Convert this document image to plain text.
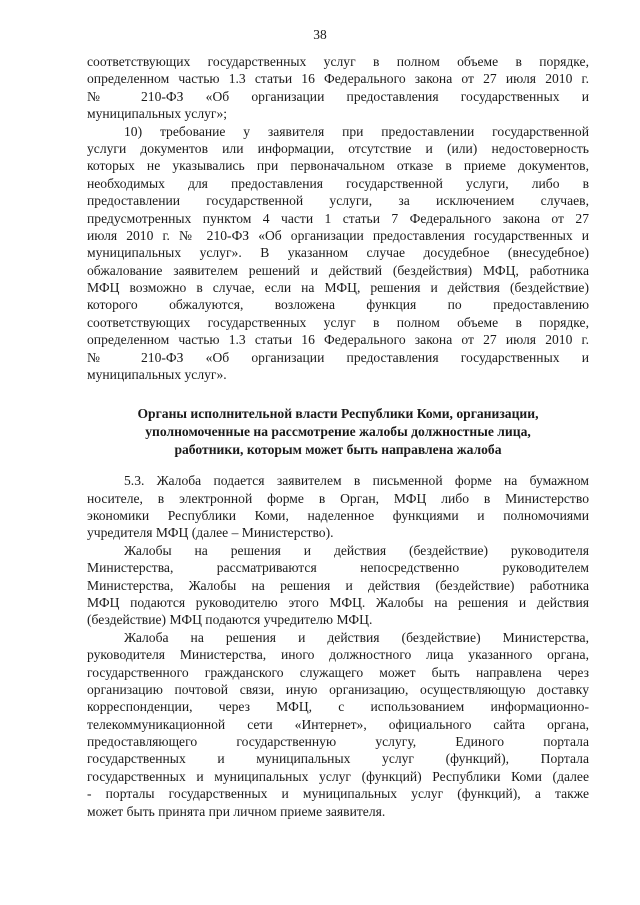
38
соответствующих государственных услуг в полном объеме в порядке,
определенном частью 1.3 статьи 16 Федерального закона от 27 июля 2010 г.
№ 210-ФЗ «Об организации предоставления государственных и
муниципальных услуг»;
10) требование у заявителя при предоставлении государственной
услуги документов или информации, отсутствие и (или) недостоверность
которых не указывались при первоначальном отказе в приеме документов,
необходимых для предоставления государственной услуги, либо в
предоставлении государственной услуги, за исключением случаев,
предусмотренных пунктом 4 части 1 статьи 7 Федерального закона от 27
июля 2010 г. № 210-ФЗ «Об организации предоставления государственных и
муниципальных услуг». В указанном случае досудебное (внесудебное)
обжалование заявителем решений и действий (бездействия) МФЦ, работника
МФЦ возможно в случае, если на МФЦ, решения и действия (бездействие)
которого обжалуются, возложена функция по предоставлению
соответствующих государственных услуг в полном объеме в порядке,
определенном частью 1.3 статьи 16 Федерального закона от 27 июля 2010 г.
№ 210-ФЗ «Об организации предоставления государственных и
муниципальных услуг».
Органы исполнительной власти Республики Коми, организации,
уполномоченные на рассмотрение жалобы должностные лица,
работники, которым может быть направлена жалоба
5.3. Жалоба подается заявителем в письменной форме на бумажном
носителе, в электронной форме в Орган, МФЦ либо в Министерство
экономики Республики Коми, наделенное функциями и полномочиями
учредителя МФЦ (далее – Министерство).
Жалобы на решения и действия (бездействие) руководителя
Министерства, рассматриваются непосредственно руководителем
Министерства, Жалобы на решения и действия (бездействие) работника
МФЦ подаются руководителю этого МФЦ. Жалобы на решения и действия
(бездействие) МФЦ подаются учредителю МФЦ.
Жалоба на решения и действия (бездействие) Министерства,
руководителя Министерства, иного должностного лица указанного органа,
государственного гражданского служащего может быть направлена через
организацию почтовой связи, иную организацию, осуществляющую доставку
корреспонденции, через МФЦ, с использованием информационно-
телекоммуникационной сети «Интернет», официального сайта органа,
предоставляющего государственную услугу, Единого портала
государственных и муниципальных услуг (функций), Портала
государственных и муниципальных услуг (функций) Республики Коми (далее
- порталы государственных и муниципальных услуг (функций), а также
может быть принята при личном приеме заявителя.
